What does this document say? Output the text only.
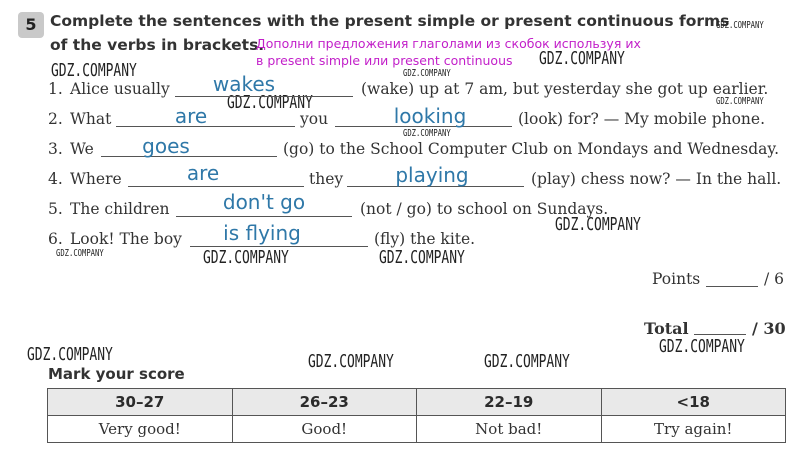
5 Complete the sentences with the present simple or present continuous forms
of the verbs in brackets.
Дополни предложения глаголами из скобок используя их
в present simple или present continuous
GDZ.COMPANY
GDZ.COMPANY
GDZ.COMPANY	GDZ.COMPANY
GDZ.COMPANY	GDZ.COMPANY
GDZ.COMPANY
GDZ.COMPANY
GDZ.COMPANY	GDZ.COMPANY	GDZ.COMPANY
GDZ.COMPANY
GDZ.COMPANY	GDZ.COMPANY	GDZ.COMPANY
1. Alice usually	wakes	(wake) up at 7 am, but yesterday she got up earlier.
2. What	are	you	looking	(look) for? — My mobile phone.
3. We	goes	(go) to the School Computer Club on Mondays and Wednesday.
4. Where	are	they	playing	(play) chess now? — In the hall.
5. The children	don't go	(not / go) to school on Sundays.
6. Look! The boy	is flying	(fly) the kite.
Points	/ 6
Total	/ 30
Mark your score
30–27	26–23	22–19	<18
Very good!	Good!	Not bad!	Try again!
